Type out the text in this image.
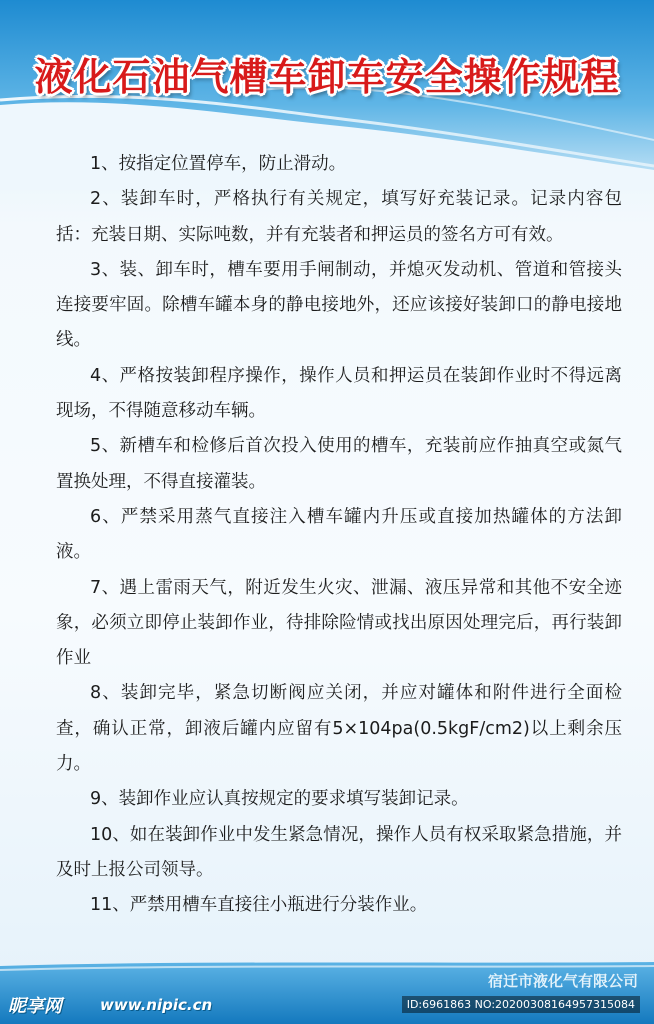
液化石油气槽车卸车安全操作规程

1、按指定位置停车，防止滑动。

2、装卸车时，严格执行有关规定，填写好充装记录。记录内容包括：充装日期、实际吨数，并有充装者和押运员的签名方可有效。

3、装、卸车时，槽车要用手闸制动，并熄灭发动机、管道和管接头连接要牢固。除槽车罐本身的静电接地外，还应该接好装卸口的静电接地线。

4、严格按装卸程序操作，操作人员和押运员在装卸作业时不得远离现场，不得随意移动车辆。

5、新槽车和检修后首次投入使用的槽车，充装前应作抽真空或氮气置换处理，不得直接灌装。

6、严禁采用蒸气直接注入槽车罐内升压或直接加热罐体的方法卸液。

7、遇上雷雨天气，附近发生火灾、泄漏、液压异常和其他不安全迹象，必须立即停止装卸作业，待排除险情或找出原因处理完后，再行装卸作业

8、装卸完毕，紧急切断阀应关闭，并应对罐体和附件进行全面检查，确认正常，卸液后罐内应留有5×104pa(0.5kgF/cm2)以上剩余压力。

9、装卸作业应认真按规定的要求填写装卸记录。

10、如在装卸作业中发生紧急情况，操作人员有权采取紧急措施，并及时上报公司领导。

11、严禁用槽车直接往小瓶进行分装作业。

宿迁市液化气有限公司
昵享网	www.nipic.cn	ID:6961863 NO:20200308164957315084
